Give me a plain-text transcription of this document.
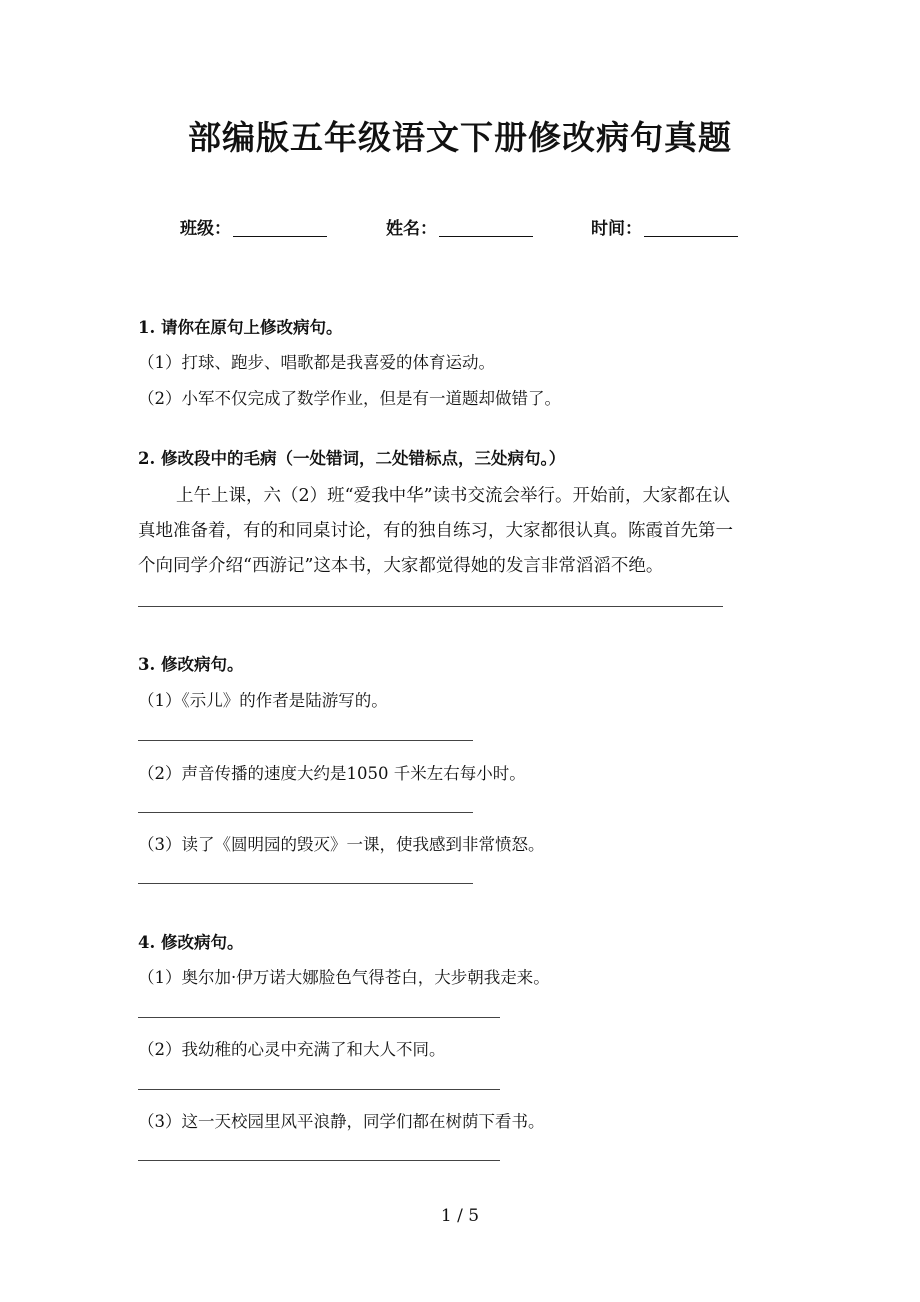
部编版五年级语文下册修改病句真题
班级：	姓名：	时间：
1. 请你在原句上修改病句。
（1）打球、跑步、唱歌都是我喜爱的体育运动。
（2）小军不仅完成了数学作业，但是有一道题却做错了。
2. 修改段中的毛病（一处错词，二处错标点，三处病句。）
上午上课，六（2）班“爱我中华”读书交流会举行。开始前，大家都在认
真地准备着，有的和同桌讨论，有的独自练习，大家都很认真。陈霞首先第一
个向同学介绍“西游记”这本书，大家都觉得她的发言非常滔滔不绝。
3. 修改病句。
（1）《示儿》的作者是陆游写的。
（2）声音传播的速度大约是1050 千米左右每小时。
（3）读了《圆明园的毁灭》一课，使我感到非常愤怒。
4. 修改病句。
（1）奥尔加·伊万诺大娜脸色气得苍白，大步朝我走来。
（2）我幼稚的心灵中充满了和大人不同。
（3）这一天校园里风平浪静，同学们都在树荫下看书。
1 / 5
